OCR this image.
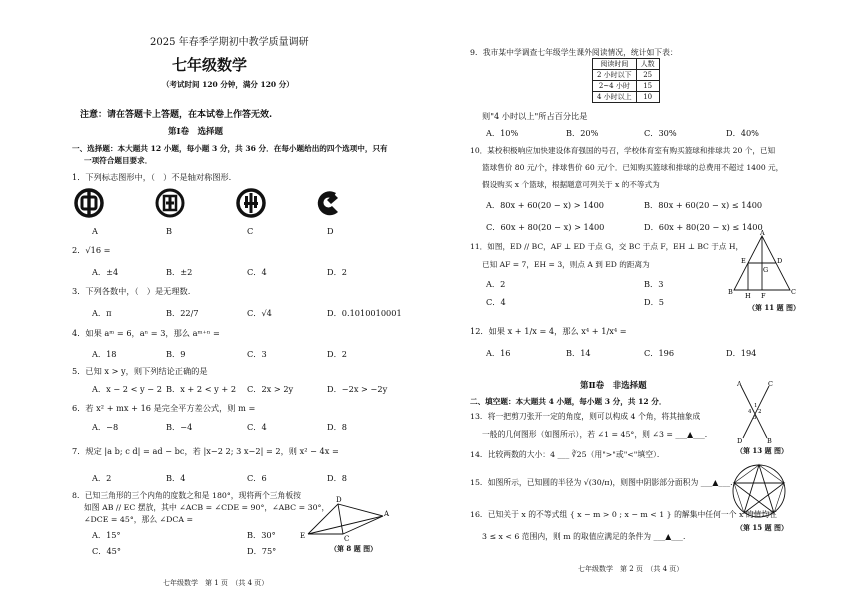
2025 年春季学期初中教学质量调研
七年级数学
（考试时间 120 分钟，满分 120 分）
注意：请在答题卡上答题，在本试卷上作答无效.
第Ⅰ卷　选择题
一、选择题：本大题共 12 小题，每小题 3 分，共 36 分．在每小题给出的四个选项中，只有
一项符合题目要求．
1．下列标志图形中，（　）不是轴对称图形.
A	B	C	D
2．√16 =
A．±4	B．±2	C．4	D．2
3．下列各数中，（　）是无理数.
A．π	B．22/7	C．√4	D．0.1010010001
4．如果 aᵐ = 6，aⁿ = 3，那么 aᵐ⁺ⁿ =
A．18	B．9	C．3	D．2
5．已知 x > y，则下列结论正确的是
A．x − 2 < y − 2 B．x + 2 < y + 2 C．2x > 2y	D．−2x > −2y
6．若 x² + mx + 16 是完全平方差公式，则 m =
A．−8	B．−4	C．4	D．8
7．规定 |a b; c d| = ad − bc，若 |x−2 2; 3 x−2| = 2，则 x² − 4x =
A．2	B．4	C．6	D．8
8．已知三角形的三个内角的度数之和是 180°，现将两个三角板按
如图 AB // EC 摆放，其中 ∠ACB = ∠CDE = 90°，∠ABC = 30°，
∠DCE = 45°，那么 ∠DCA =
A．15°	B．30°
C．45°	D．75°
D
E
A
C
（第 8 题 图）
七年级数学　第 1 页　（共 4 页）
9．我市某中学调查七年级学生课外阅读情况，统计如下表：
阅读时间	人数
2 小时以下	25
2~4 小时	15
4 小时以上	10
则"4 小时以上"所占百分比是
A．10%	B．20%	C．30%	D．40%
10．某校积极响应加快建设体育强国的号召，学校体育室有购买篮球和排球共 20 个，已知
篮球售价 80 元/个，排球售价 60 元/个．已知购买篮球和排球的总费用不超过 1400 元，
假设购买 x 个篮球，根据题意可列关于 x 的不等式为
A．80x + 60(20 − x) > 1400	B．80x + 60(20 − x) ≤ 1400
C．60x + 80(20 − x) > 1400	D．60x + 80(20 − x) ≤ 1400
11．如图，ED // BC，AF ⊥ ED 于点 G，交 BC 于点 F，EH ⊥ BC 于点 H，
已知 AF = 7，EH = 3，则点 A 到 ED 的距离为
A．2	B．3
C．4	D．5
A
E	D
G
B H F	C
（第 11 题 图）
12．如果 x + 1/x = 4，那么 x⁴ + 1/x⁴ =
A．16	B．14	C．196	D．194
第Ⅱ卷　非选择题
二、填空题：本大题共 4 小题，每小题 3 分，共 12 分．
13．将一把剪刀张开一定的角度，则可以构成 4 个角，将其抽象成
一般的几何图形（如图所示），若 ∠1 = 45°，则 ∠3 = ___▲___．
A	C
D	B
4
1
2
3
（第 13 题 图）
14．比较两数的大小：4 ___ ∛25（用">"或"<"填空）．
15．如图所示，已知圆的半径为 √(30/π)，则图中阴影部分面积为 ___▲___．
（第 15 题 图）
16．已知关于 x 的不等式组 { x − m > 0 ; x − m < 1 } 的解集中任何一个 x 的值均在
3 ≤ x < 6 范围内，则 m 的取值应满足的条件为 ___▲___．
七年级数学　第 2 页　（共 4 页）
